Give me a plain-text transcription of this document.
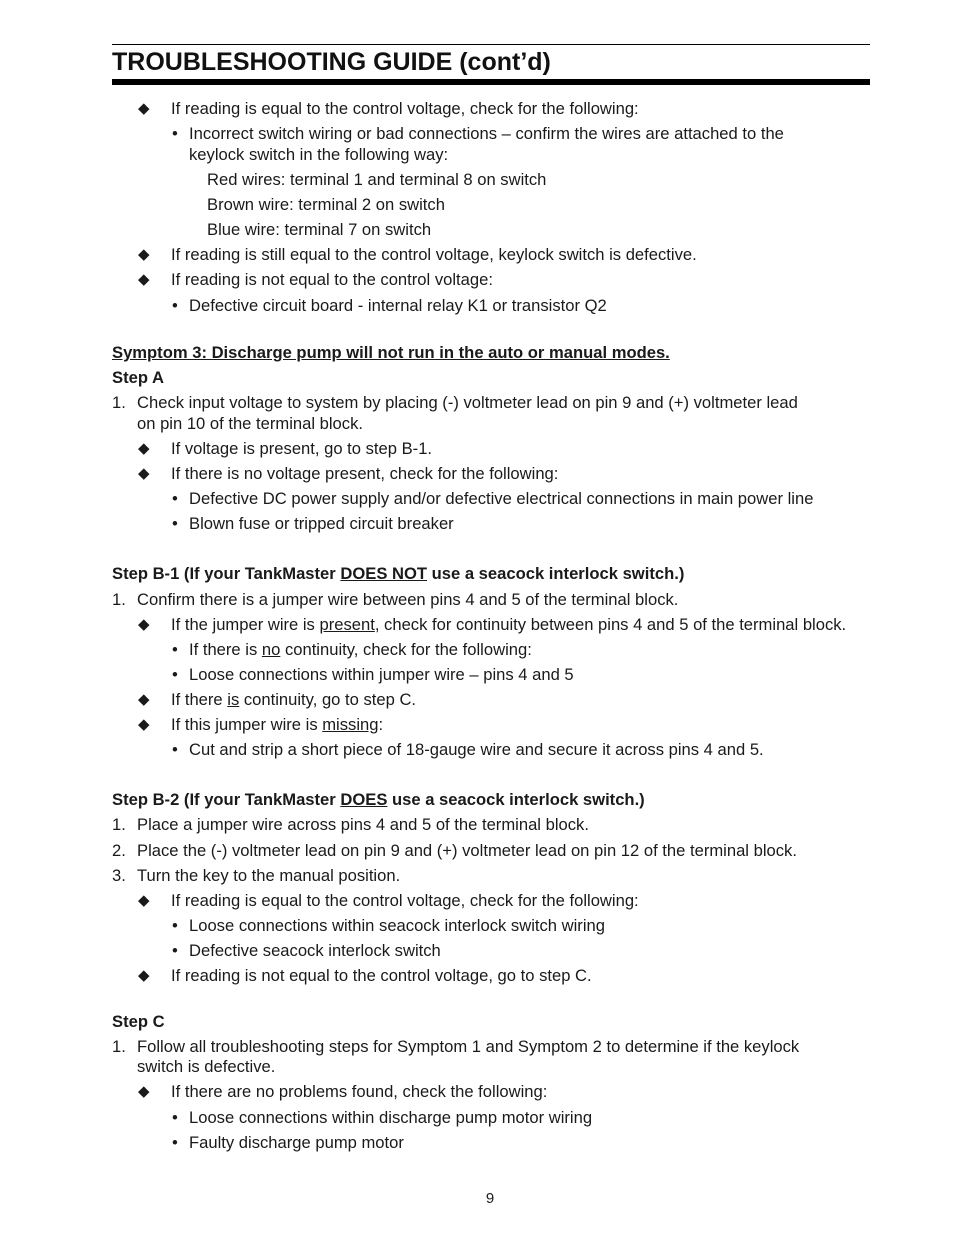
TROUBLESHOOTING GUIDE (cont’d)
◆ If reading is equal to the control voltage, check for the following:
• Incorrect switch wiring or bad connections – confirm the wires are attached to the
keylock switch in the following way:
Red wires: terminal 1 and terminal 8 on switch
Brown wire: terminal 2 on switch
Blue wire: terminal 7 on switch
◆ If reading is still equal to the control voltage, keylock switch is defective.
◆ If reading is not equal to the control voltage:
• Defective circuit board - internal relay K1 or transistor Q2
Symptom 3: Discharge pump will not run in the auto or manual modes.
Step A
1. Check input voltage to system by placing (-) voltmeter lead on pin 9 and (+) voltmeter lead
on pin 10 of the terminal block.
◆ If voltage is present, go to step B-1.
◆ If there is no voltage present, check for the following:
• Defective DC power supply and/or defective electrical connections in main power line
• Blown fuse or tripped circuit breaker
Step B-1 (If your TankMaster DOES NOT use a seacock interlock switch.)
1. Confirm there is a jumper wire between pins 4 and 5 of the terminal block.
◆ If the jumper wire is present, check for continuity between pins 4 and 5 of the terminal block.
• If there is no continuity, check for the following:
• Loose connections within jumper wire – pins 4 and 5
◆ If there is continuity, go to step C.
◆ If this jumper wire is missing:
• Cut and strip a short piece of 18-gauge wire and secure it across pins 4 and 5.
Step B-2 (If your TankMaster DOES use a seacock interlock switch.)
1. Place a jumper wire across pins 4 and 5 of the terminal block.
2. Place the (-) voltmeter lead on pin 9 and (+) voltmeter lead on pin 12 of the terminal block.
3. Turn the key to the manual position.
◆ If reading is equal to the control voltage, check for the following:
• Loose connections within seacock interlock switch wiring
• Defective seacock interlock switch
◆ If reading is not equal to the control voltage, go to step C.
Step C
1. Follow all troubleshooting steps for Symptom 1 and Symptom 2 to determine if the keylock
switch is defective.
◆ If there are no problems found, check the following:
• Loose connections within discharge pump motor wiring
• Faulty discharge pump motor
9
